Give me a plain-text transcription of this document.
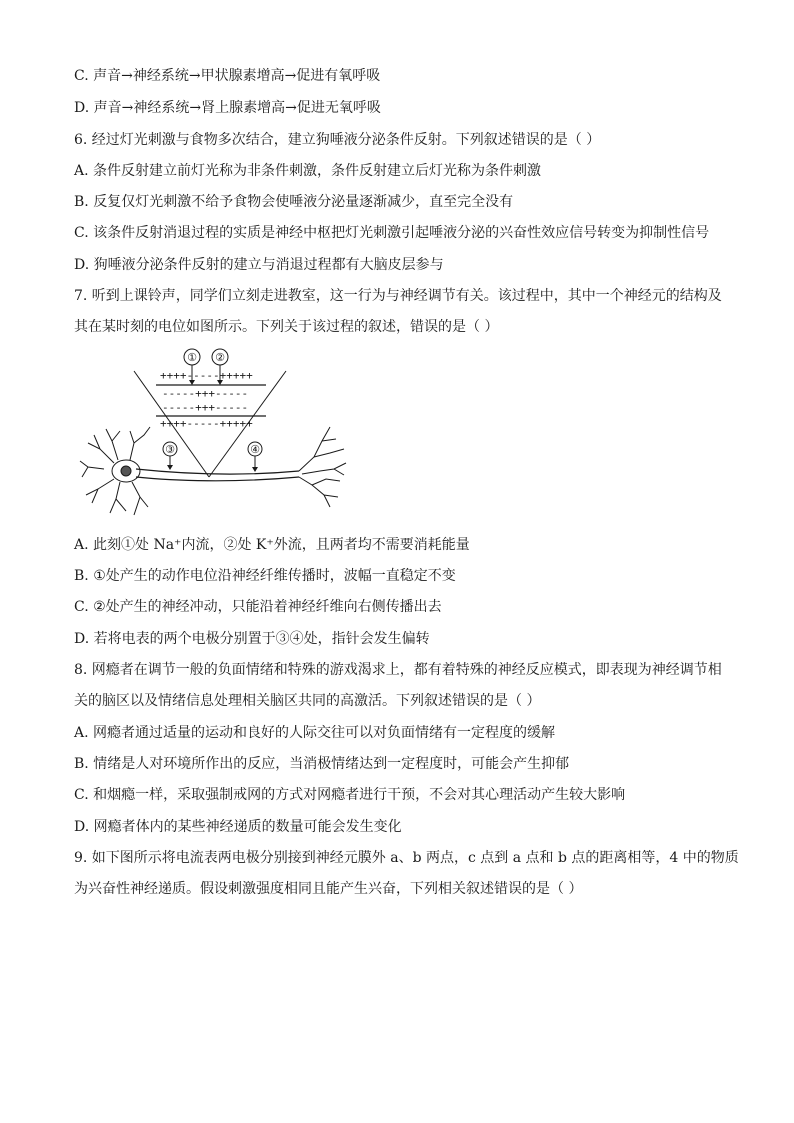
C. 声音→神经系统→甲状腺素增高→促进有氧呼吸
D. 声音→神经系统→肾上腺素增高→促进无氧呼吸
6. 经过灯光刺激与食物多次结合，建立狗唾液分泌条件反射。下列叙述错误的是（ ）
A. 条件反射建立前灯光称为非条件刺激，条件反射建立后灯光称为条件刺激
B. 反复仅灯光刺激不给予食物会使唾液分泌量逐渐减少，直至完全没有
C. 该条件反射消退过程的实质是神经中枢把灯光刺激引起唾液分泌的兴奋性效应信号转变为抑制性信号
D. 狗唾液分泌条件反射的建立与消退过程都有大脑皮层参与
7. 听到上课铃声，同学们立刻走进教室，这一行为与神经调节有关。该过程中，其中一个神经元的结构及
其在某时刻的电位如图所示。下列关于该过程的叙述，错误的是（ ）
① ②
++++-----+++++
-----+++-----
-----+++-----
++++-----+++++
③	④
A. 此刻①处 Na⁺内流，②处 K⁺外流，且两者均不需要消耗能量
B. ①处产生的动作电位沿神经纤维传播时，波幅一直稳定不变
C. ②处产生的神经冲动，只能沿着神经纤维向右侧传播出去
D. 若将电表的两个电极分别置于③④处，指针会发生偏转
8. 网瘾者在调节一般的负面情绪和特殊的游戏渴求上，都有着特殊的神经反应模式，即表现为神经调节相
关的脑区以及情绪信息处理相关脑区共同的高激活。下列叙述错误的是（ ）
A. 网瘾者通过适量的运动和良好的人际交往可以对负面情绪有一定程度的缓解
B. 情绪是人对环境所作出的反应，当消极情绪达到一定程度时，可能会产生抑郁
C. 和烟瘾一样，采取强制戒网的方式对网瘾者进行干预，不会对其心理活动产生较大影响
D. 网瘾者体内的某些神经递质的数量可能会发生变化
9. 如下图所示将电流表两电极分别接到神经元膜外 a、b 两点，c 点到 a 点和 b 点的距离相等，4 中的物质
为兴奋性神经递质。假设刺激强度相同且能产生兴奋，下列相关叙述错误的是（ ）
